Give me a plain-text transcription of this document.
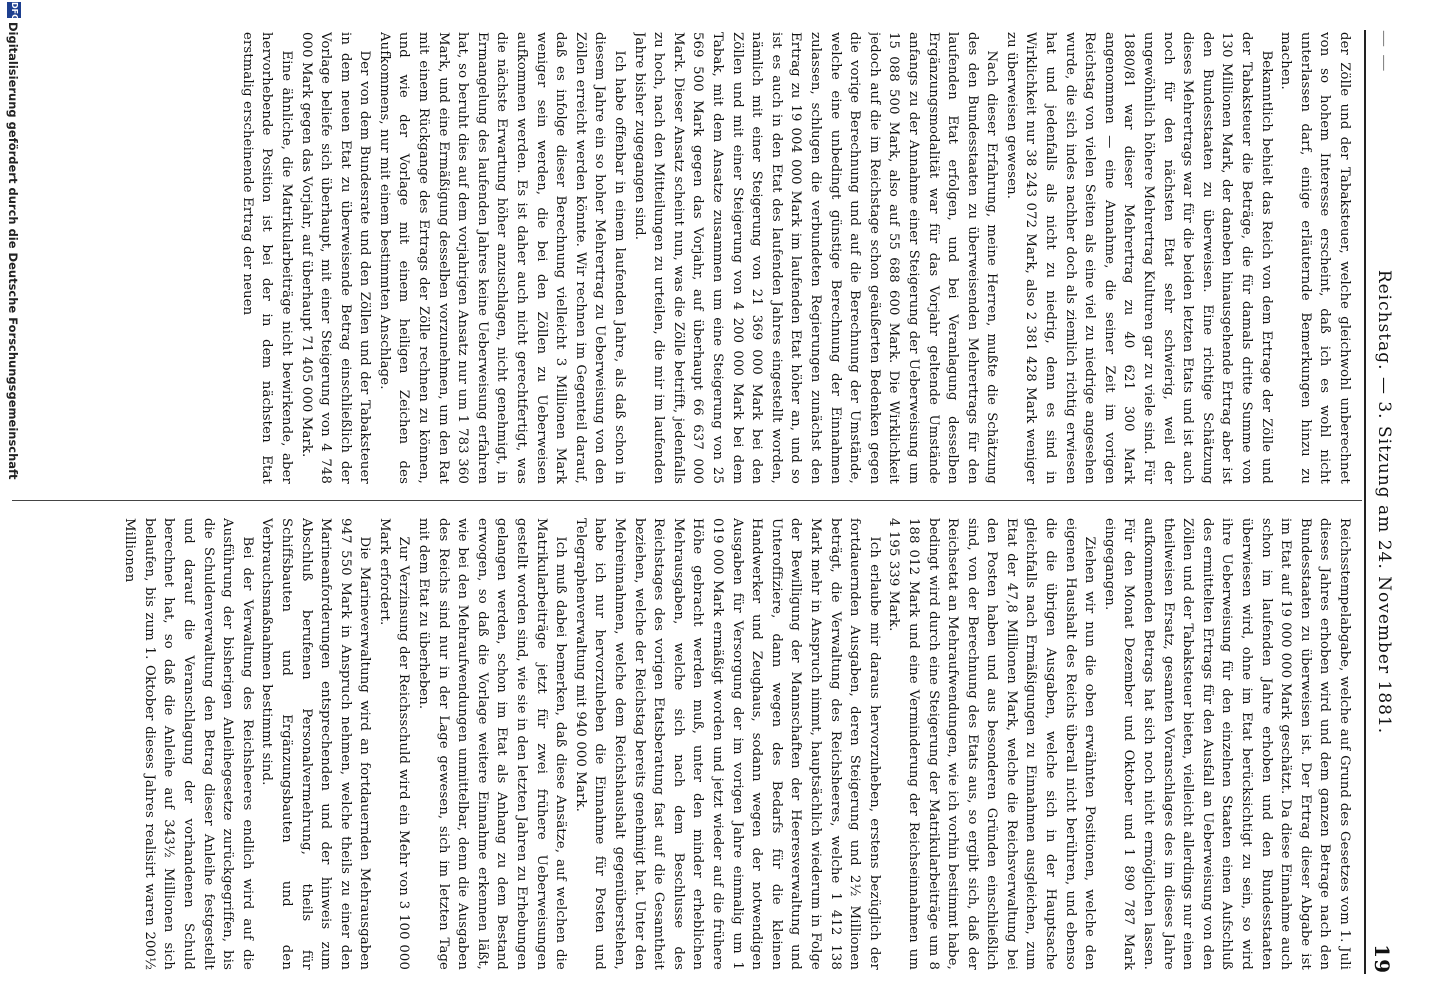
— —
Reichstag. — 3. Sitzung am 24. November 1881.
19

der Zölle und der Tabaksteuer, welche gleichwohl unberechnet von so hohem Interesse erscheint, daß ich es wohl nicht unterlassen darf, einige erläuternde Bemerkungen hinzu zu machen.

Bekanntlich behielt das Reich von dem Ertrage der Zölle und der Tabaksteuer die Beträge, die für damals dritte Summe von 130 Millionen Mark, der daneben hinausgehende Ertrag aber ist den Bundesstaaten zu überweisen. Eine richtige Schätzung dieses Mehrertrags war für die beiden letzten Etats und ist auch noch für den nächsten Etat sehr schwierig, weil der ungewöhnlich höhere Mehrertrag Kulturen gar zu viele sind. Für 1880/81 war dieser Mehrertrag zu 40 621 300 Mark angenommen — eine Annahme, die seiner Zeit im vorigen Reichstag von vielen Seiten als eine viel zu niedrige angesehen wurde, die sich indes nachher doch als ziemlich richtig erwiesen hat und jedenfalls als nicht zu niedrig, denn es sind in Wirklichkeit nur 38 243 072 Mark, also 2 381 428 Mark weniger zu überweisen gewesen.

Nach dieser Erfahrung, meine Herren, mußte die Schätzung des den Bundesstaaten zu überweisenden Mehrertrags für den laufenden Etat erfolgen, und bei Veranlagung desselben Ergänzungsmodalität war für das Vorjahr geltende Umstände anfangs zu der Annahme einer Steigerung der Ueberweisung um 15 088 500 Mark, also auf 55 688 600 Mark. Die Wirklichkeit jedoch auf die im Reichstage schon geäußerten Bedenken gegen die vorige Berechnung und auf die Berechnung der Umstände, welche eine unbedingt günstige Berechnung der Einnahmen zulassen, schlugen die verbundeten Regierungen zunächst den Ertrag zu 19 004 000 Mark im laufenden Etat höher an, und so ist es auch in den Etat des laufenden Jahres eingestellt worden, nämlich mit einer Steigerung von 21 369 000 Mark bei den Zöllen und mit einer Steigerung von 4 200 000 Mark bei dem Tabak, mit dem Ansatze zusammen um eine Steigerung von 25 569 500 Mark gegen das Vorjahr, auf überhaupt 66 637 000 Mark. Dieser Ansatz scheint nun, was die Zölle betrifft, jedenfalls zu hoch, nach den Mitteilungen zu urteilen, die mir im laufenden Jahre bisher zugegangen sind.

Ich habe offenbar in einem laufenden Jahre, als daß schon in diesem Jahre ein so hoher Mehrertrag zu Ueberweisung von den Zöllen erreicht werden könnte. Wir rechnen im Gegenteil darauf, daß es infolge dieser Berechnung vielleicht 3 Millionen Mark weniger sein werden, die bei den Zöllen zu Ueberweisen aufkommen werden. Es ist daher auch nicht gerechtfertigt, was die nächste Erwartung höher anzuschlagen, nicht genehmigt, in Ermangelung des laufenden Jahres keine Ueberweisung erfahren hat, so beruht dies auf dem vorjahrigen Ansatz nur um 1 783 360 Mark, und eine Ermäßigung desselben vorzunehmen, um den Rat mit einem Rückgange des Ertrags der Zölle rechnen zu können, und wie der Vorlage mit einem heiligen Zeichen des Aufkommens, nur mit einem bestimmten Anschlage.

Der von dem Bundesrate und den Zöllen und der Tabaksteuer in dem neuen Etat zu überweisende Betrag einschließlich der Vorlage beliefe sich überhaupt, mit einer Steigerung von 4 748 000 Mark gegen das Vorjahr, auf überhaupt 71 405 000 Mark.

Eine ähnliche, die Matrikularbeiträge nicht bewirkende, aber hervorhebende Position ist bei der in dem nächsten Etat erstmalig erscheinende Ertrag der neuen

Reichsstempelabgabe, welche auf Grund des Gesetzes vom 1. Juli dieses Jahres erhoben wird und dem ganzen Betrage nach den Bundesstaaten zu überweisen ist. Der Ertrag dieser Abgabe ist im Etat auf 19 000 000 Mark geschätzt. Da diese Einnahme auch schon im laufenden Jahre erhoben und den Bundesstaaten überwiesen wird, ohne im Etat berücksichtigt zu sein, so wird ihre Ueberweisung für den einzelnen Staaten einen Aufschluß des ermittelten Ertrags für den Ausfall an Ueberweisung von den Zöllen und der Tabaksteuer bieten, vielleicht allerdings nur einen theilweisen Ersatz, gesamten Voranschlages des im dieses Jahre aufkommenden Betrags hat sich noch nicht ermöglichen lassen. Für den Monat Dezember und Oktober und 1 890 787 Mark eingegangen.

Ziehen wir nun die oben erwähnten Positionen, welche den eigenen Haushalt des Reichs überall nicht berühren, und ebenso die die übrigen Ausgaben, welche sich in der Hauptsache gleichfalls nach Ermäßigungen zu Einnahmen ausgleichen, zum Etat der 47,8 Millionen Mark, welche die Reichsverwaltung bei den Posten haben und aus besonderen Gründen einschließlich sind, von der Berechnung des Etats aus, so ergibt sich, daß der Reichsetat an Mehraufwendungen, wie ich vorhin bestimmt habe, bedingt wird durch eine Steigerung der Matrikularbeiträge um 8 188 012 Mark und eine Verminderung der Reichseinnahmen um 4 195 339 Mark.

Ich erlaube mir daraus hervorzuheben, erstens bezüglich der fortdauernden Ausgaben, deren Steigerung und 2½ Millionen beträgt, die Verwaltung des Reichsheeres, welche 1 412 138 Mark mehr in Anspruch nimmt, hauptsächlich wiederum in Folge der Bewilligung der Mannschaften der Heeresverwaltung und Unteroffiziere, dann wegen des Bedarfs für die kleinen Handwerker und Zeughaus, sodann wegen der notwendigen Ausgaben für Versorgung der im vorigen Jahre einmalig um 1 019 000 Mark ermäßigt worden und jetzt wieder auf die frühere Höhe gebracht werden muß, unter den minder erheblichen Mehrausgaben, welche sich nach dem Beschlusse des Reichstages des vorigen Etatsberatung fast auf die Gesamtheit beziehen, welche der Reichstag bereits genehmigt hat. Unter den Mehreinnahmen, welche dem Reichshaushalt gegenüberstehen, habe ich nur hervorzuheben die Einnahme für Posten und Telegraphenverwaltung mit 940 000 Mark.

Ich muß dabei bemerken, daß diese Ansätze, auf welchen die Matrikularbeiträge jetzt für zwei frühere Ueberweisungen gestellt worden sind, wie sie in den letzten Jahren zu Erhebungen gelangen werden, schon im Etat als Anhang zu dem Bestand erwogen, so daß die Vorlage weitere Einnahme erkennen läßt, wie bei den Mehraufwendungen unmittelbar, denn die Ausgaben des Reichs sind nur in der Lage gewesen, sich im letzten Tage mit dem Etat zu überheben.

Zur Verzinsung der Reichsschuld wird ein Mehr von 3 100 000 Mark erfordert.

Die Marineverwaltung wird an fortdauernden Mehrausgaben 947 550 Mark in Anspruch nehmen, welche theils zu einer den Marineanforderungen entsprechenden und der hinweis zum Abschluß berufenen Personalvermehrung, theils für Schiffsbauten und Ergänzungsbauten und den Verbrauchsmaßnahmen bestimmt sind.

Bei der Verwaltung des Reichsheeres endlich wird auf die Ausführung der bisherigen Anleihegesetze zurückgegriffen, bis die Schuldenverwaltung den Betrag dieser Anleihe festgestellt und darauf die Veranschlagung der vorhandenen Schuld berechnet hat, so daß die Anleihe auf 343½ Millionen sich belaufen, bis zum 1. Oktober dieses Jahres realisirt waren 200½ Millionen

DFG
Digitalisierung gefördert durch die Deutsche Forschungsgemeinschaft
